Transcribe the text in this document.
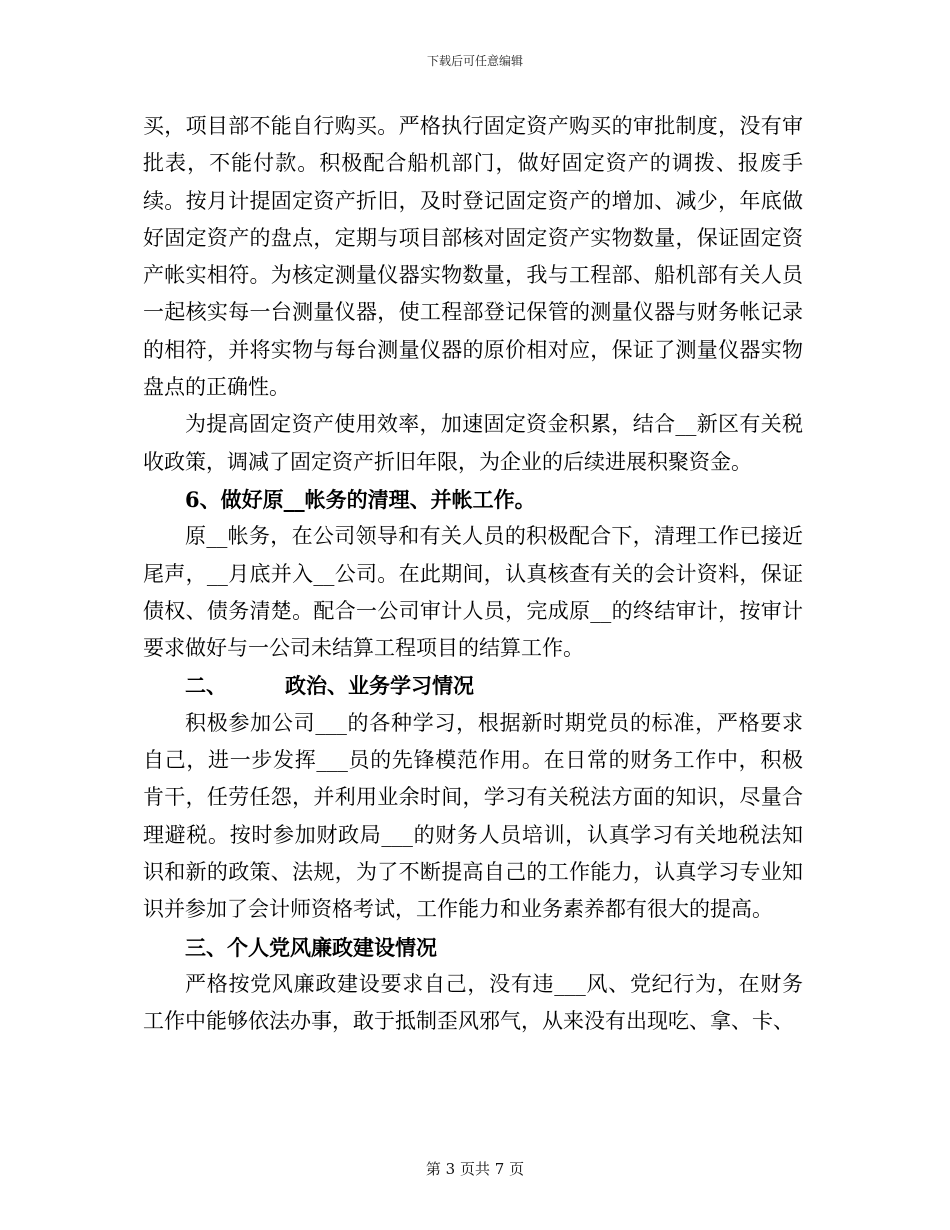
下载后可任意编辑

买，项目部不能自行购买。严格执行固定资产购买的审批制度，没有审批表，不能付款。积极配合船机部门，做好固定资产的调拨、报废手续。按月计提固定资产折旧，及时登记固定资产的增加、减少，年底做好固定资产的盘点，定期与项目部核对固定资产实物数量，保证固定资产帐实相符。为核定测量仪器实物数量，我与工程部、船机部有关人员一起核实每一台测量仪器，使工程部登记保管的测量仪器与财务帐记录的相符，并将实物与每台测量仪器的原价相对应，保证了测量仪器实物盘点的正确性。

为提高固定资产使用效率，加速固定资金积累，结合__新区有关税收政策，调减了固定资产折旧年限，为企业的后续进展积聚资金。

6、做好原__帐务的清理、并帐工作。

原__帐务，在公司领导和有关人员的积极配合下，清理工作已接近尾声，__月底并入__公司。在此期间，认真核查有关的会计资料，保证债权、债务清楚。配合一公司审计人员，完成原__的终结审计，按审计要求做好与一公司未结算工程项目的结算工作。

二、	政治、业务学习情况

积极参加公司___的各种学习，根据新时期党员的标准，严格要求自己，进一步发挥___员的先锋模范作用。在日常的财务工作中，积极肯干，任劳任怨，并利用业余时间，学习有关税法方面的知识，尽量合理避税。按时参加财政局___的财务人员培训，认真学习有关地税法知识和新的政策、法规，为了不断提高自己的工作能力，认真学习专业知识并参加了会计师资格考试，工作能力和业务素养都有很大的提高。

三、个人党风廉政建设情况

严格按党风廉政建设要求自己，没有违___风、党纪行为，在财务工作中能够依法办事，敢于抵制歪风邪气，从来没有出现吃、拿、卡、

第 3 页共 7 页
